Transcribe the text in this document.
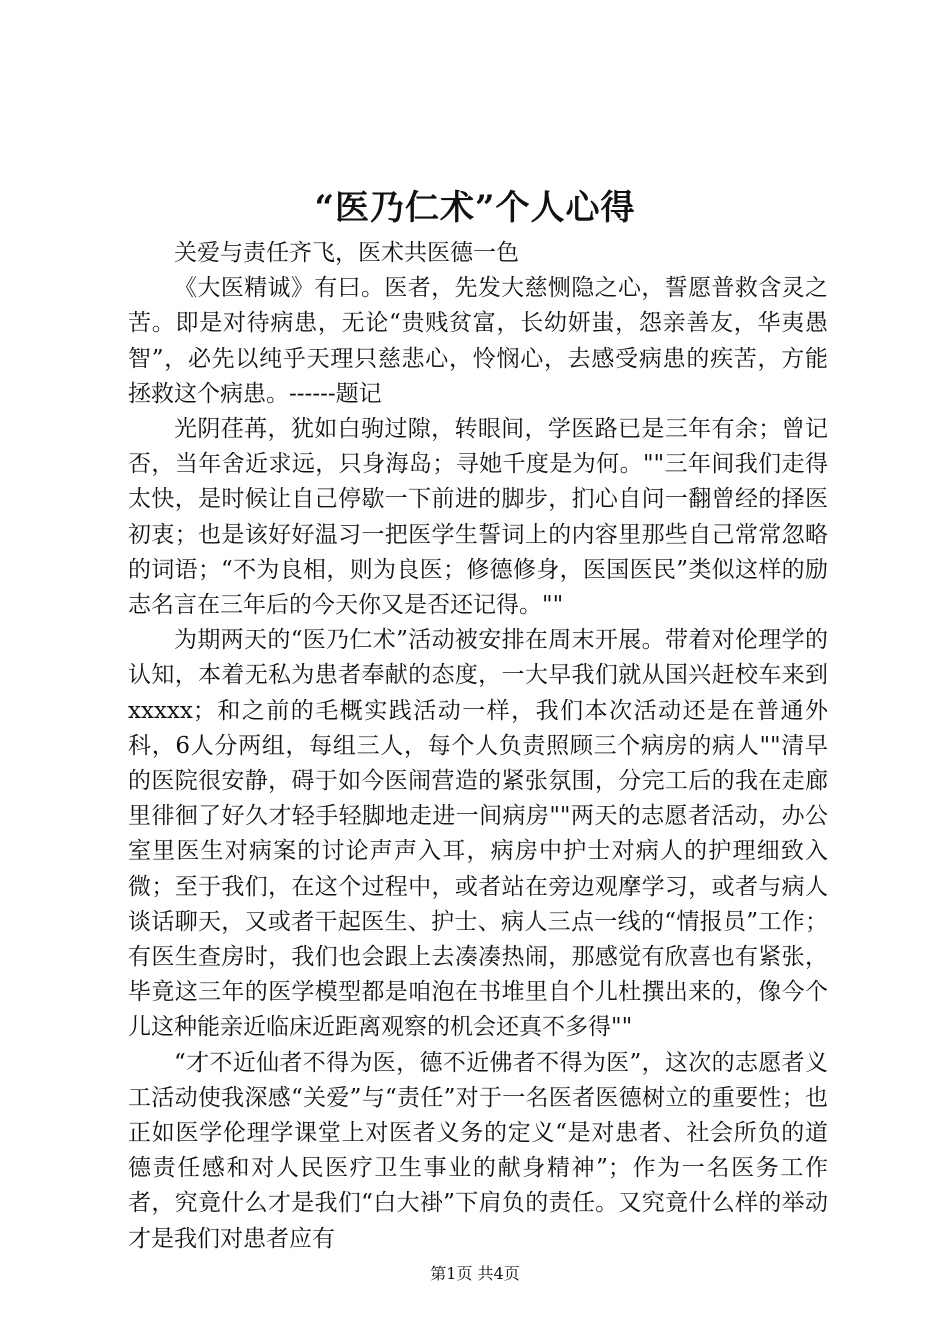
“医乃仁术”个人心得

关爱与责任齐飞，医术共医德一色

《大医精诚》有曰。医者，先发大慈恻隐之心，誓愿普救含灵之苦。即是对待病患，无论“贵贱贫富，长幼妍蚩，怨亲善友，华夷愚智”，必先以纯乎天理只慈悲心，怜悯心，去感受病患的疾苦，方能拯救这个病患。------题记

光阴荏苒，犹如白驹过隙，转眼间，学医路已是三年有余；曾记否，当年舍近求远，只身海岛；寻她千度是为何。""三年间我们走得太快，是时候让自己停歇一下前进的脚步，扪心自问一翻曾经的择医初衷；也是该好好温习一把医学生誓词上的内容里那些自己常常忽略的词语；“不为良相，则为良医；修德修身，医国医民”类似这样的励志名言在三年后的今天你又是否还记得。""

为期两天的“医乃仁术”活动被安排在周末开展。带着对伦理学的认知，本着无私为患者奉献的态度，一大早我们就从国兴赶校车来到xxxxx；和之前的毛概实践活动一样，我们本次活动还是在普通外科，6人分两组，每组三人，每个人负责照顾三个病房的病人""清早的医院很安静，碍于如今医闹营造的紧张氛围，分完工后的我在走廊里徘徊了好久才轻手轻脚地走进一间病房""两天的志愿者活动，办公室里医生对病案的讨论声声入耳，病房中护士对病人的护理细致入微；至于我们，在这个过程中，或者站在旁边观摩学习，或者与病人谈话聊天，又或者干起医生、护士、病人三点一线的“情报员”工作；有医生查房时，我们也会跟上去凑凑热闹，那感觉有欣喜也有紧张，毕竟这三年的医学模型都是咱泡在书堆里自个儿杜撰出来的，像今个儿这种能亲近临床近距离观察的机会还真不多得""

“才不近仙者不得为医，德不近佛者不得为医”，这次的志愿者义工活动使我深感“关爱”与“责任”对于一名医者医德树立的重要性；也正如医学伦理学课堂上对医者义务的定义“是对患者、社会所负的道德责任感和对人民医疗卫生事业的献身精神”；作为一名医务工作者，究竟什么才是我们“白大褂”下肩负的责任。又究竟什么样的举动才是我们对患者应有

第1页 共4页
